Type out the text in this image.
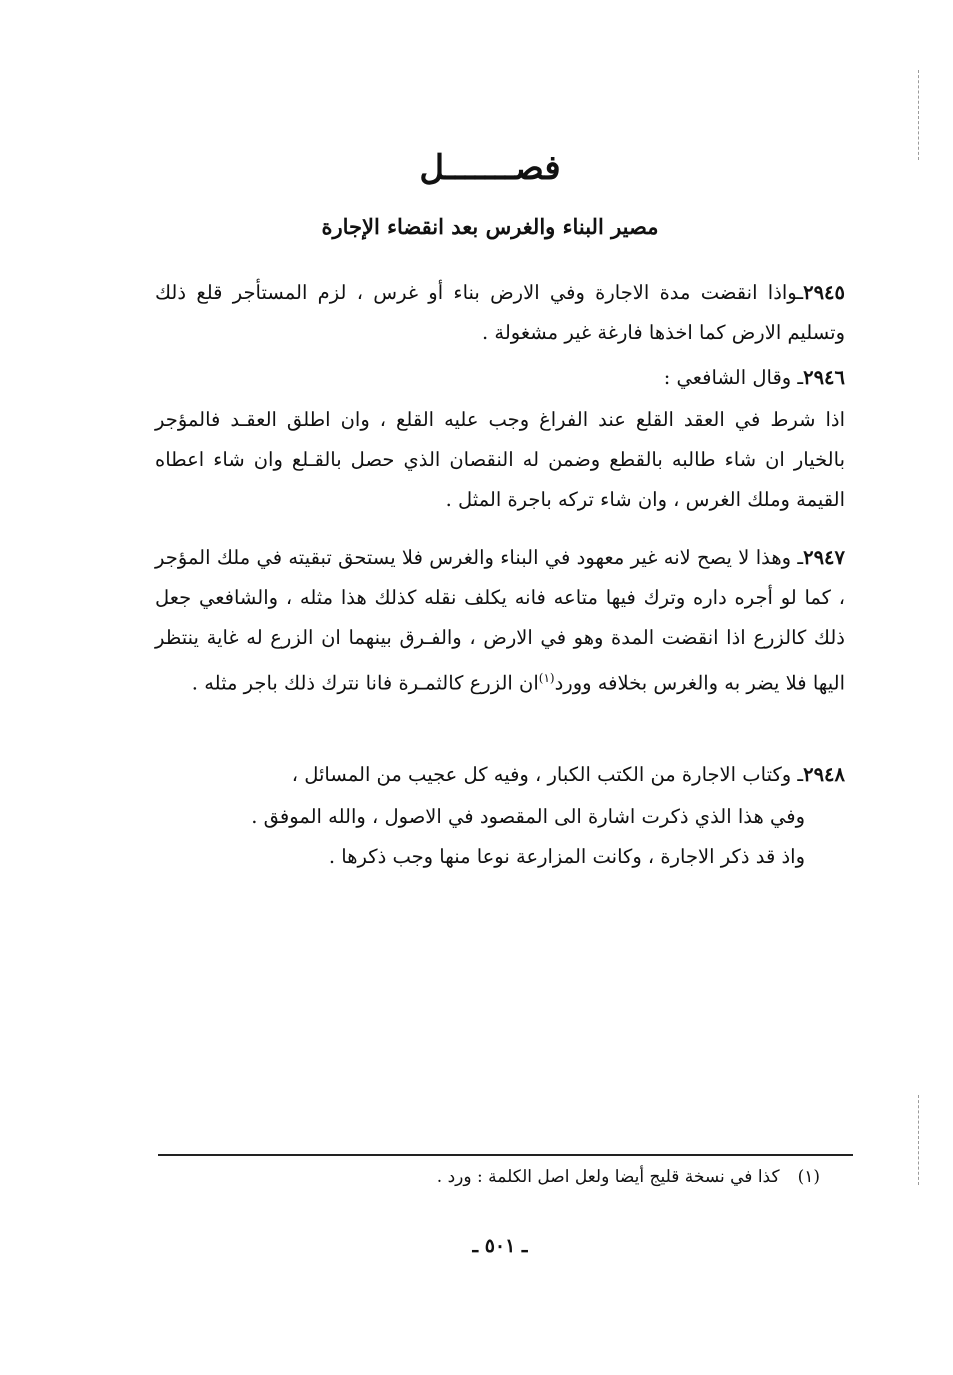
فصـــــــل
مصير البناء والغرس بعد انقضاء الإجارة

٢٩٤٥ـواذا انقضت مدة الاجارة وفي الارض بناء أو غرس ، لزم المستأجر قلع ذلك وتسليم الارض كما اخذها فارغة غير مشغولة .

٢٩٤٦ـ وقال الشافعي :

اذا شرط في العقد القلع عند الفراغ وجب عليه القلع ، وان اطلق العقـد فالمؤجر بالخيار ان شاء طالبه بالقطع وضمن له النقصان الذي حصل بالقـلع وان شاء اعطاه القيمة وملك الغرس ، وان شاء تركه باجرة المثل .

٢٩٤٧ـ وهذا لا يصح لانه غير معهود في البناء والغرس فلا يستحق تبقيته في ملك المؤجر ، كما لو أجره داره وترك فيها متاعه فانه يكلف نقله كذلك هذا مثله ، والشافعي جعل ذلك كالزرع اذا انقضت المدة وهو في الارض ، والفـرق بينهما ان الزرع له غاية ينتظر اليها فلا يضر به والغرس بخلافه وورد$^{(١)}$ان الزرع كالثمـرة فانا نترك ذلك باجر مثله .

٢٩٤٨ـ وكتاب الاجارة من الكتب الكبار ، وفيه كل عجيب من المسائل ،

وفي هذا الذي ذكرت اشارة الى المقصود في الاصول ، والله الموفق .

واذ قد ذكر الاجارة ، وكانت المزارعة نوعا منها وجب ذكرها .

(١)كذا في نسخة قليج أيضا ولعل اصل الكلمة : ورد .
ـ ٥٠١ ـ
